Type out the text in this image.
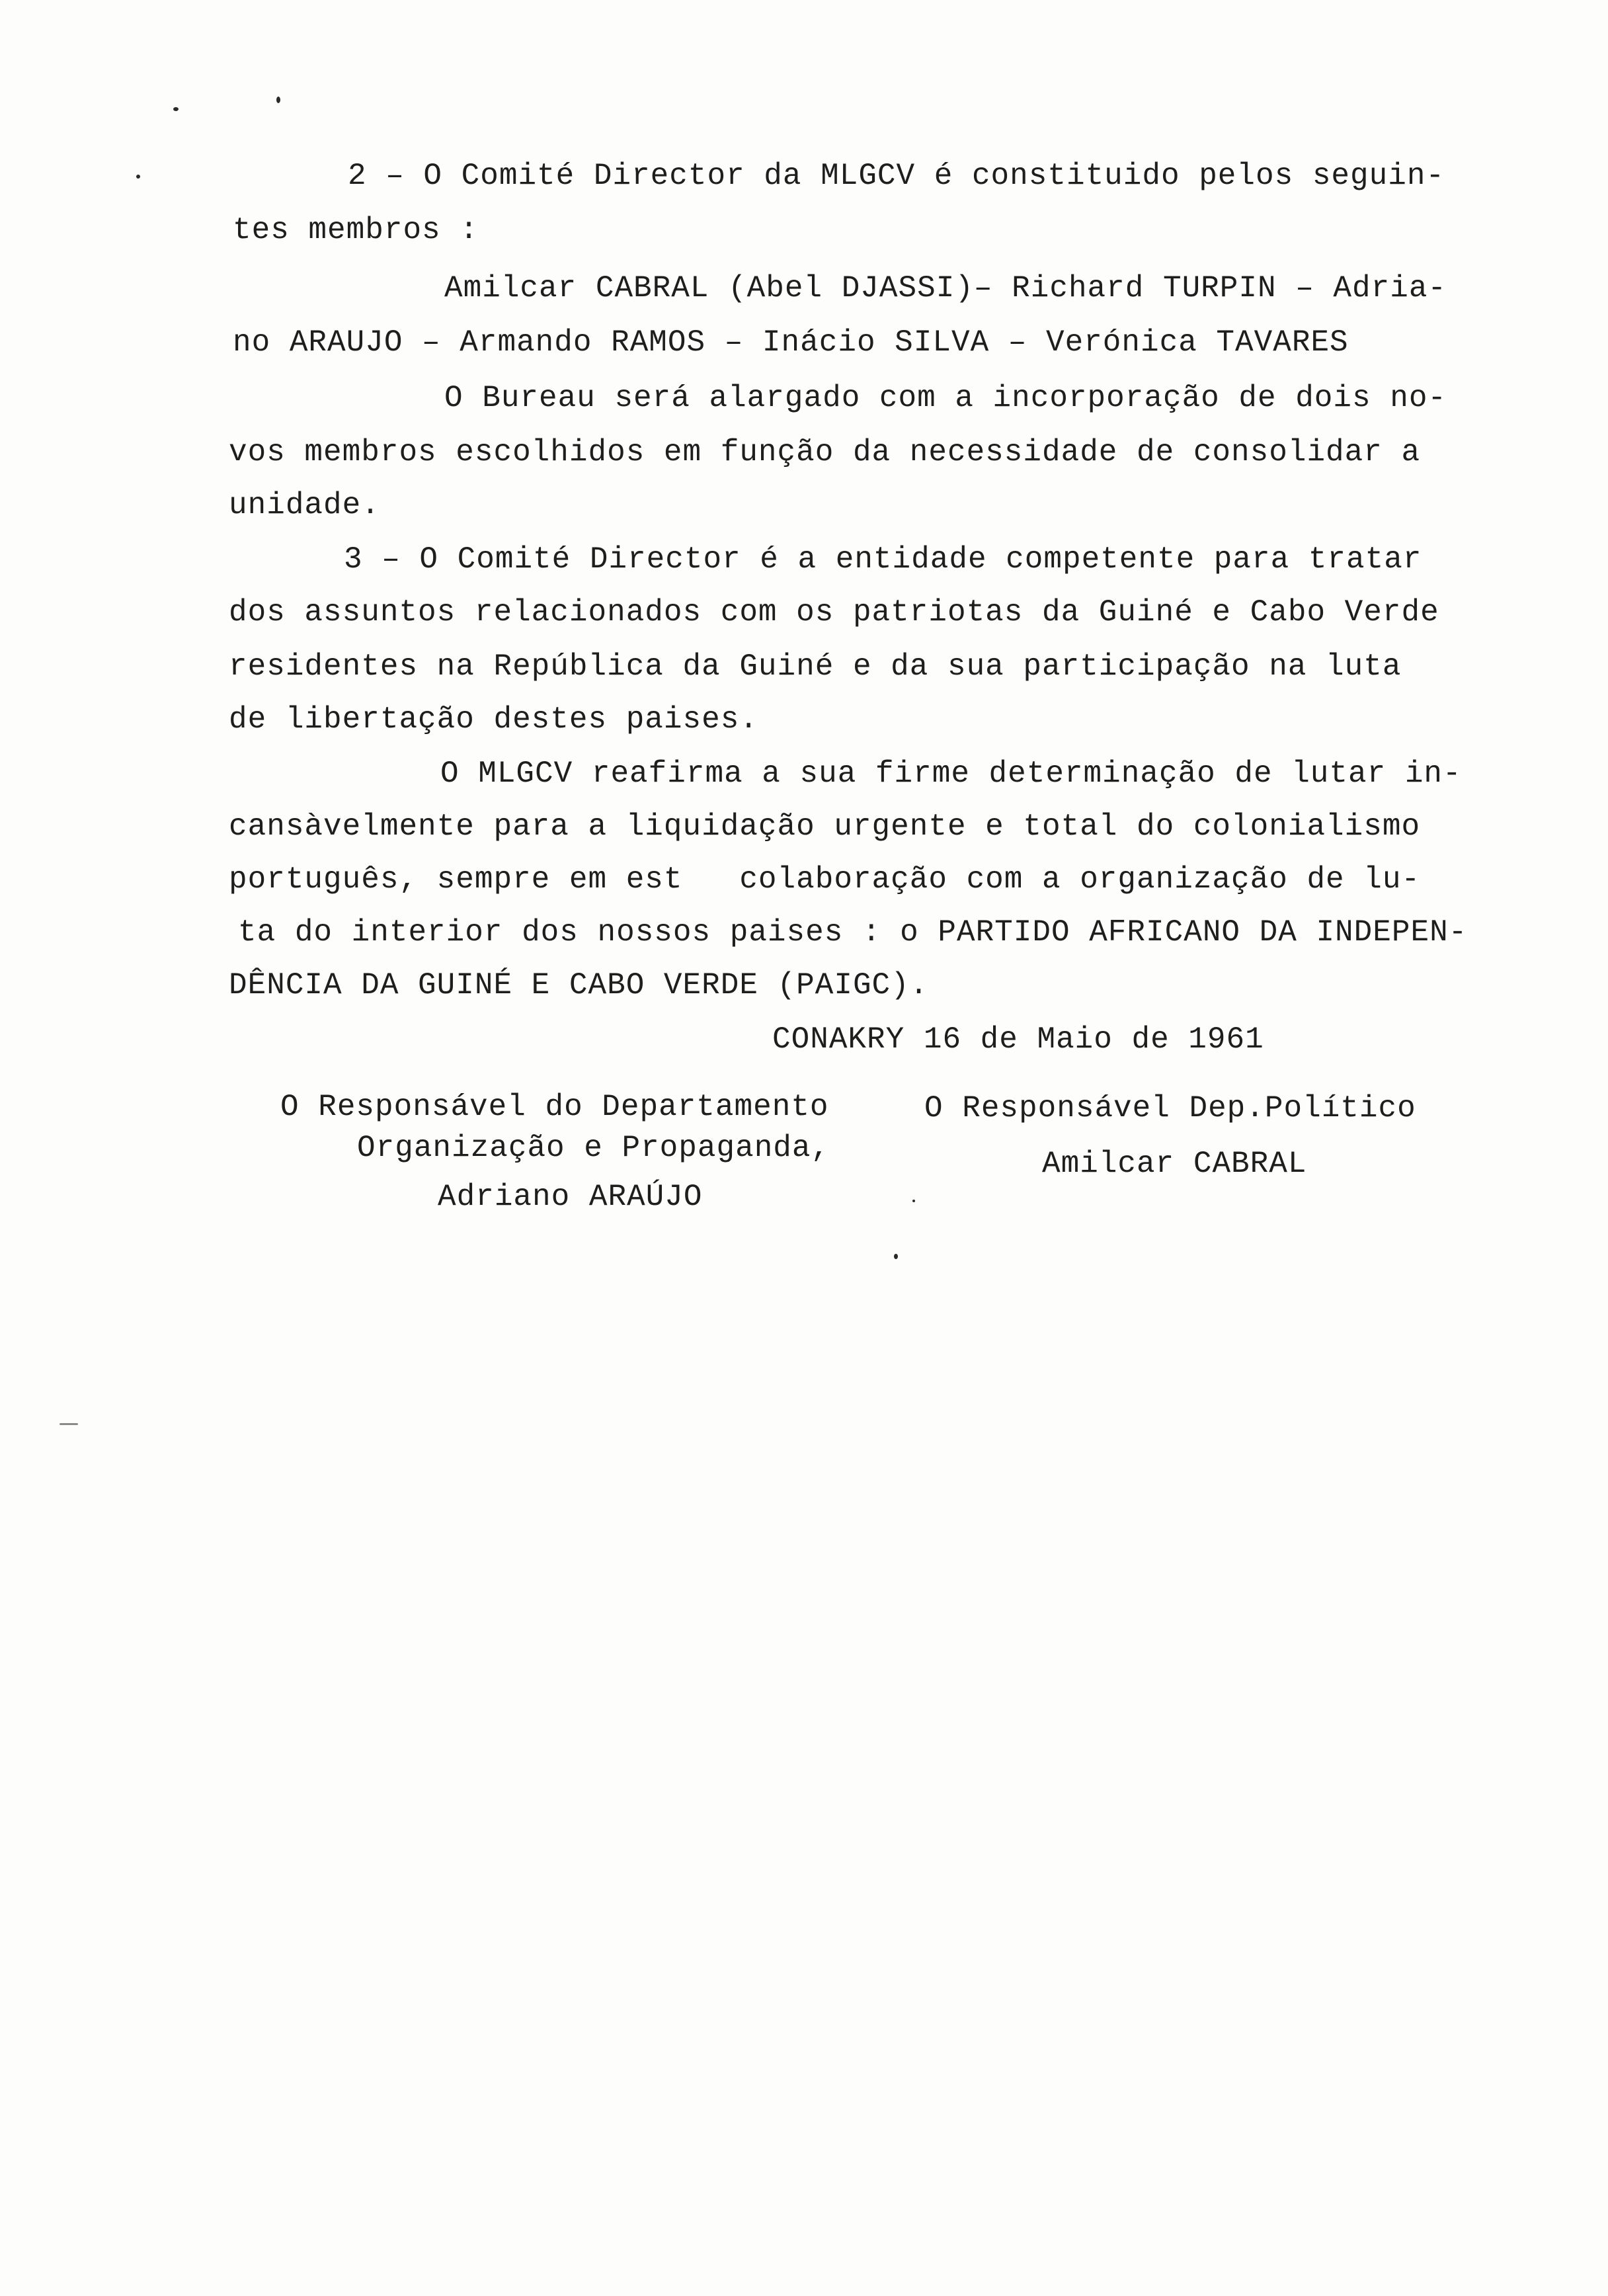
2 – O Comité Director da MLGCV é constituido pelos seguin-
tes membros :
Amilcar CABRAL (Abel DJASSI)– Richard TURPIN – Adria-
no ARAUJO – Armando RAMOS – Inácio SILVA – Verónica TAVARES
O Bureau será alargado com a incorporação de dois no-
vos membros escolhidos em função da necessidade de consolidar a
unidade.
3 – O Comité Director é a entidade competente para tratar
dos assuntos relacionados com os patriotas da Guiné e Cabo Verde
residentes na República da Guiné e da sua participação na luta
de libertação destes paises.
O MLGCV reafirma a sua firme determinação de lutar in-
cansàvelmente para a liquidação urgente e total do colonialismo
português, sempre em est   colaboração com a organização de lu-
ta do interior dos nossos paises : o PARTIDO AFRICANO DA INDEPEN-
DÊNCIA DA GUINÉ E CABO VERDE (PAIGC).
CONAKRY 16 de Maio de 1961
O Responsável do Departamento
Organização e Propaganda,
Adriano ARAÚJO
O Responsável Dep.Político
Amilcar CABRAL
